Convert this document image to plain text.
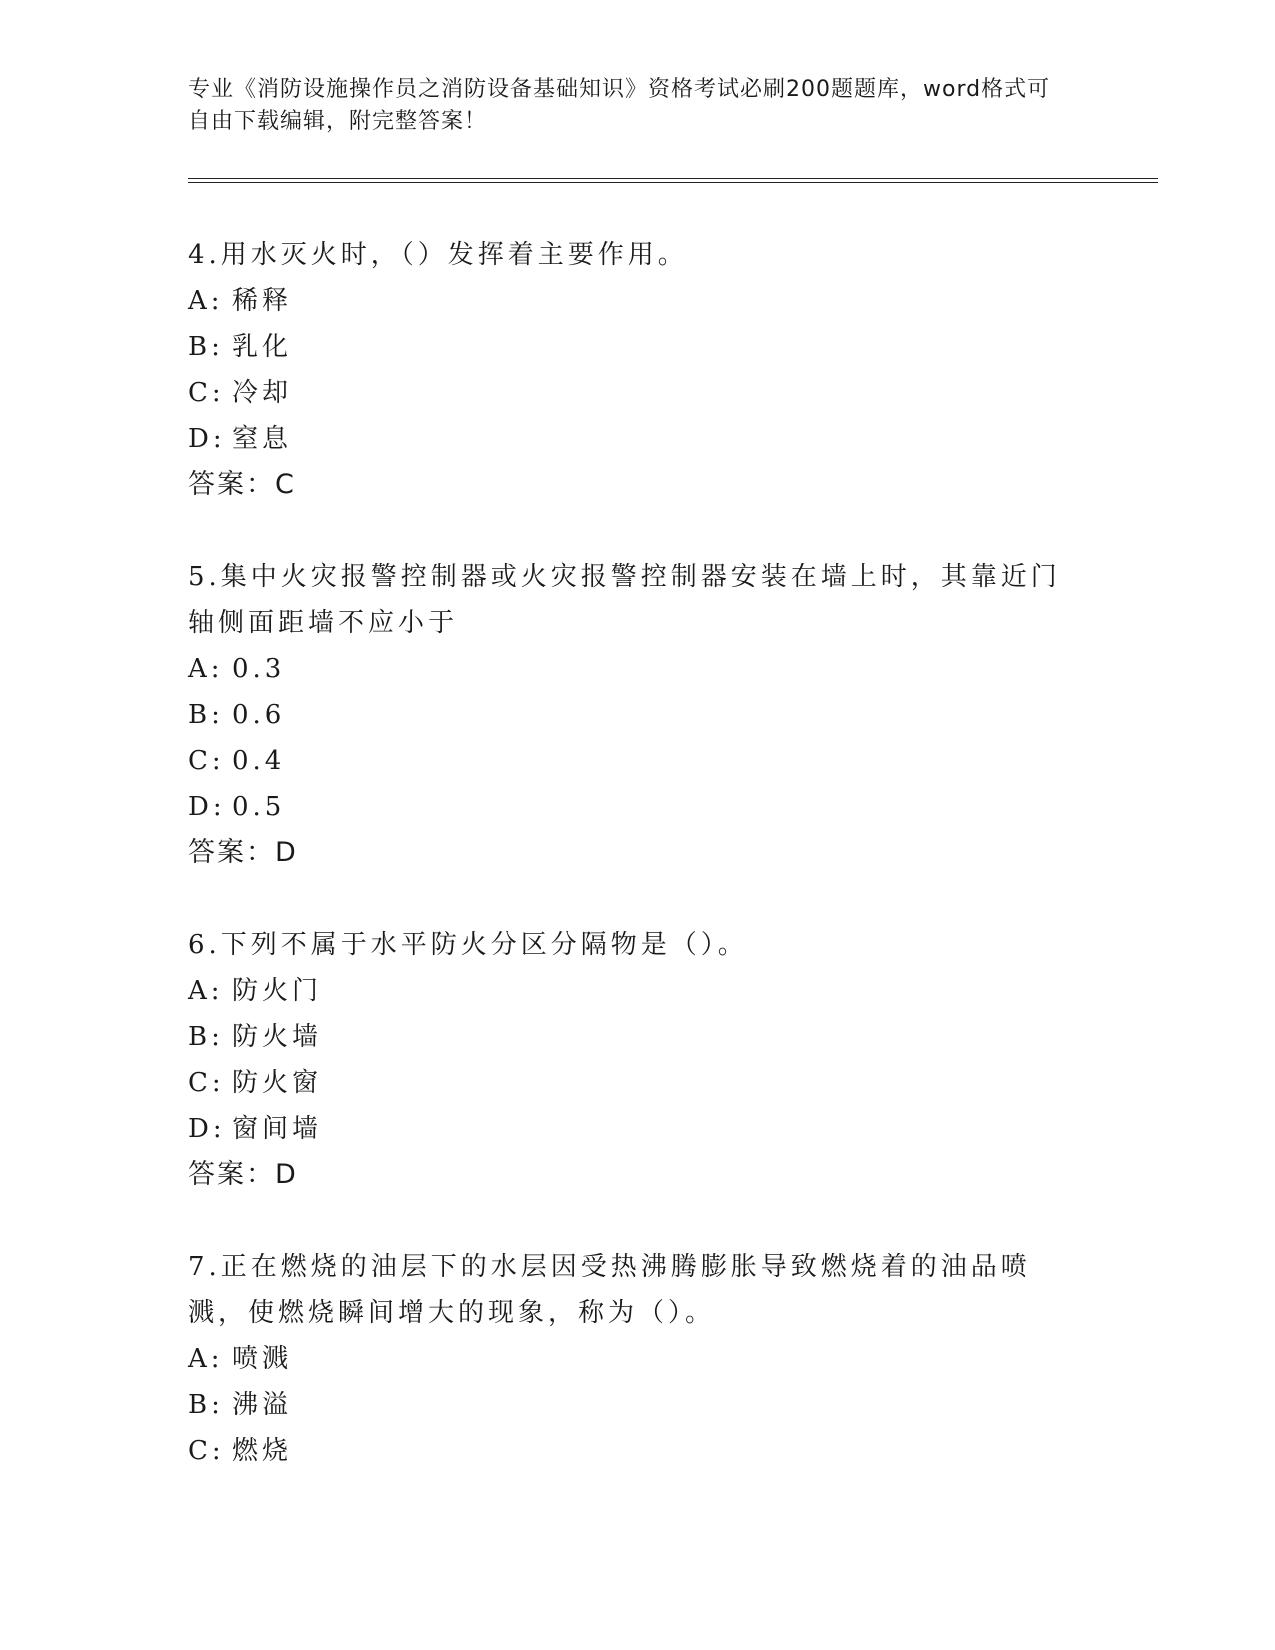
专业《消防设施操作员之消防设备基础知识》资格考试必刷200题题库，word格式可自由下载编辑，附完整答案！

4.用水灭火时，（）发挥着主要作用。

A: 稀释

B: 乳化

C: 冷却

D: 窒息

答案：C

5.集中火灾报警控制器或火灾报警控制器安装在墙上时，其靠近门轴侧面距墙不应小于

A: 0.3

B: 0.6

C: 0.4

D: 0.5

答案：D

6.下列不属于水平防火分区分隔物是（）。

A: 防火门

B: 防火墙

C: 防火窗

D: 窗间墙

答案：D

7.正在燃烧的油层下的水层因受热沸腾膨胀导致燃烧着的油品喷溅，使燃烧瞬间增大的现象，称为（）。

A: 喷溅

B: 沸溢

C: 燃烧
